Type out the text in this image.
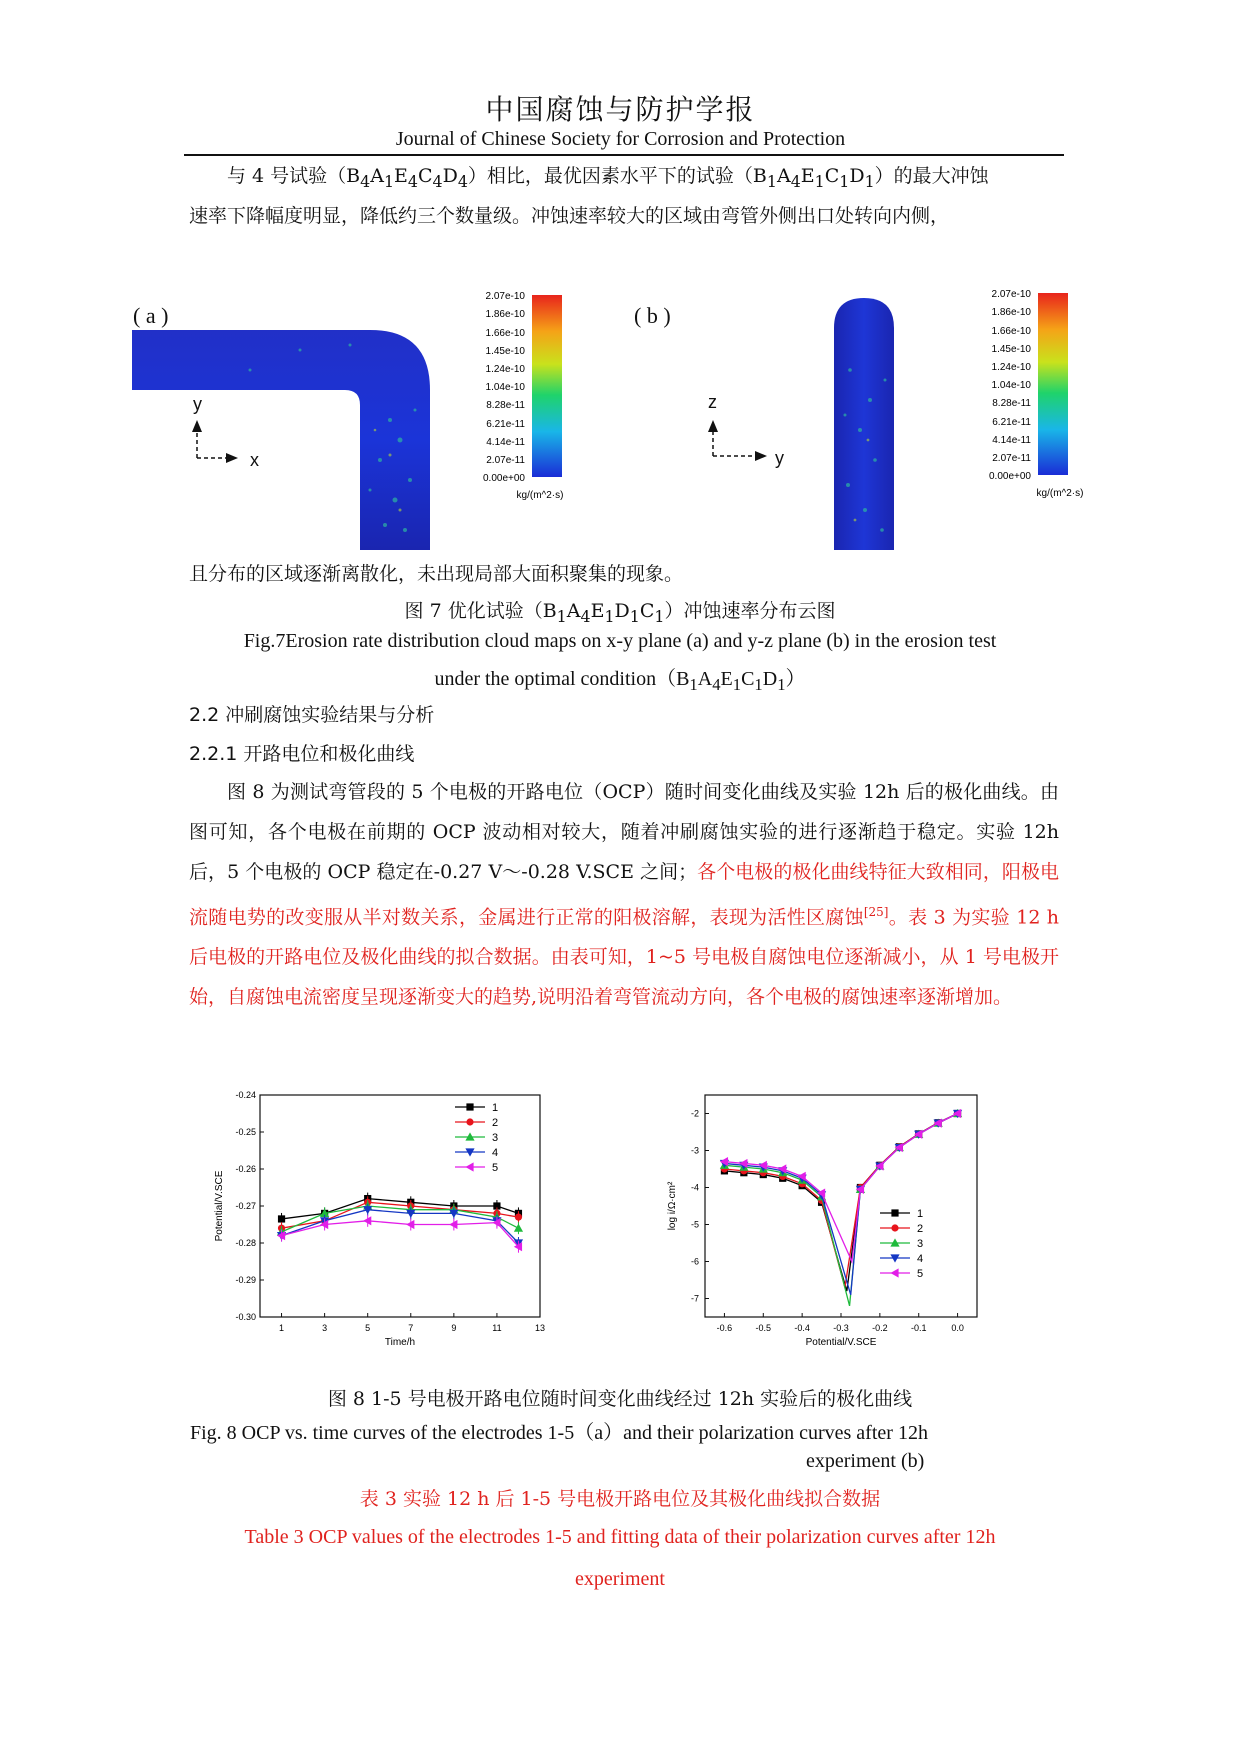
中国腐蚀与防护学报
Journal of Chinese Society for Corrosion and Protection
与 4 号试验$(B_4A_1E_4C_4D_4)$相比，最优因素水平下的试验$(B_1A_4E_1C_1D_1)$的最大冲蚀
速率下降幅度明显，降低约三个数量级。冲蚀速率较大的区域由弯管外侧出口处转向内侧，
( a )	( b )
y
x
2.07e-10
1.86e-10
1.66e-10
1.45e-10
1.24e-10
1.04e-10
8.28e-11
6.21e-11
4.14e-11
2.07e-11
0.00e+00
kg/(m^2·s)
z
y
2.07e-10
1.86e-10
1.66e-10
1.45e-10
1.24e-10
1.04e-10
8.28e-11
6.21e-11
4.14e-11
2.07e-11
0.00e+00
kg/(m^2·s)
且分布的区域逐渐离散化，未出现局部大面积聚集的现象。
图 7 优化试验$(B_1A_4E_1D_1C_1)$冲蚀速率分布云图
Fig.7Erosion rate distribution cloud maps on x-y plane (a) and y-z plane (b) in the erosion test
under the optimal $condition(B_1A_4E_1C_1D_1)$
2.2 冲刷腐蚀实验结果与分析
2.2.1 开路电位和极化曲线
图 8 为测试弯管段的 5 个电极的开路电位（OCP）随时间变化曲线及实验 12h 后的极化曲线。由图可知，各个电极在前期的 OCP 波动相对较大，随着冲刷腐蚀实验的进行逐渐趋于稳定。实验 12h 后，5 个电极的 OCP 稳定在-0.27 V～-0.28 V.SCE 之间；各个电极的极化曲线特征大致相同，阳极电流随电势的改变服从半对数关系，金属进行正常的阳极溶解，表现为活性区腐蚀[25]。表 3 为实验 12 h 后电极的开路电位及极化曲线的拟合数据。由表可知，1~5 号电极自腐蚀电位逐渐减小，从 1 号电极开始，自腐蚀电流密度呈现逐渐变大的趋势,说明沿着弯管流动方向，各个电极的腐蚀速率逐渐增加。
1	3	5	7	9	11	13
-0.24
-0.25
-0.26
-0.27
-0.28
-0.29
-0.30
Time/h
Potential/V.SCE
1
2
3
4
5
-0.6	-0.5	-0.4	-0.3	-0.2	-0.1	0.0
-2
-3
-4
-5
-6
-7
Potential/V.SCE
log i/Ω·cm²	1
2
3
4
5
图 8 1-5 号电极开路电位随时间变化曲线经过 12h 实验后的极化曲线
Fig. 8 OCP vs. time curves of the electrodes 1-5（a）and their polarization curves after 12h
experiment (b)
表 3 实验 12 h 后 1-5 号电极开路电位及其极化曲线拟合数据
Table 3 OCP values of the electrodes 1-5 and fitting data of their polarization curves after 12h
experiment
